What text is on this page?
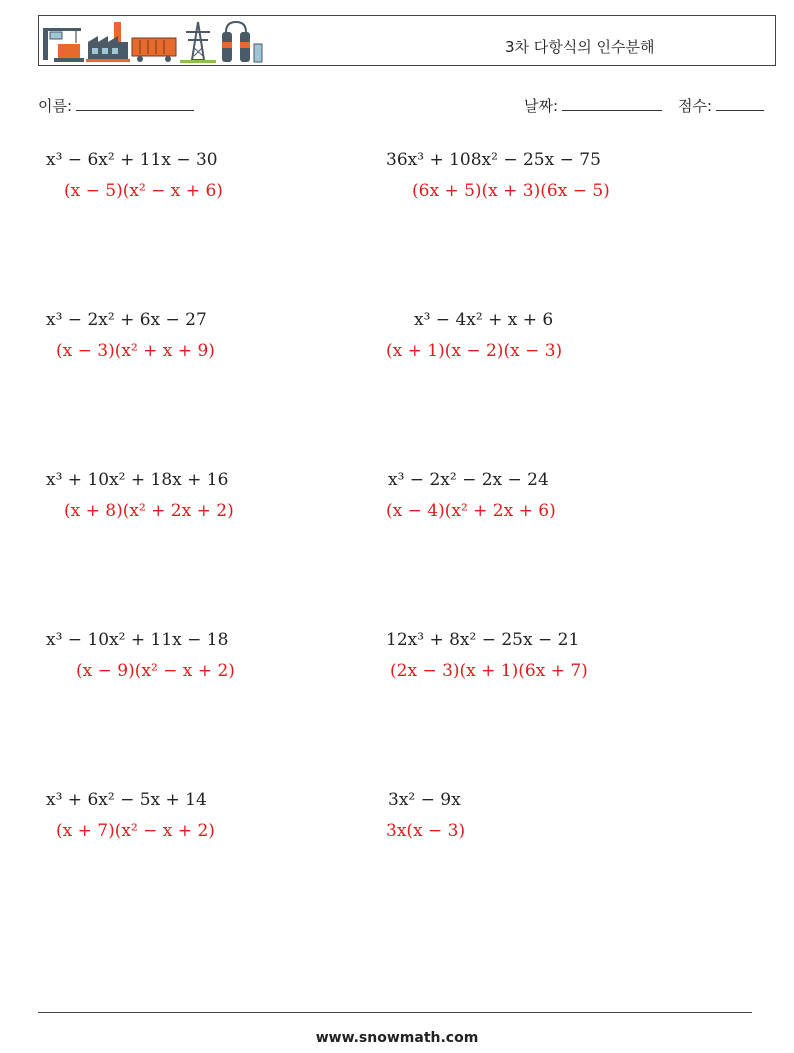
3차 다항식의 인수분해
이름:	날짜:	점수:
x³ − 6x² + 11x − 30
(x − 5)(x² − x + 6)
x³ − 2x² + 6x − 27
(x − 3)(x² + x + 9)
x³ + 10x² + 18x + 16
(x + 8)(x² + 2x + 2)
x³ − 10x² + 11x − 18
(x − 9)(x² − x + 2)
x³ + 6x² − 5x + 14
(x + 7)(x² − x + 2)
36x³ + 108x² − 25x − 75
(6x + 5)(x + 3)(6x − 5)
x³ − 4x² + x + 6
(x + 1)(x − 2)(x − 3)
x³ − 2x² − 2x − 24
(x − 4)(x² + 2x + 6)
12x³ + 8x² − 25x − 21
(2x − 3)(x + 1)(6x + 7)
3x² − 9x
3x(x − 3)
www.snowmath.com
